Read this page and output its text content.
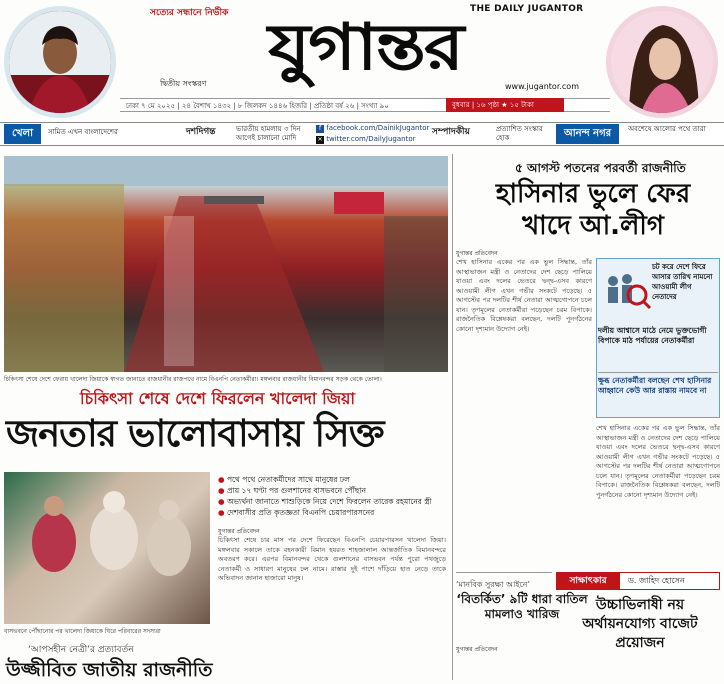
সত্যের সন্ধানে নির্ভীক	THE DAILY JUGANTOR
যুগান্তর
দ্বিতীয় সংস্করণ	www.jugantor.com
ঢাকা ৭ মে ২০২৫ | ২৪ বৈশাখ ১৪৩২ | ৮ জিলকদ ১৪৪৬ হিজরি | প্রতিষ্ঠা বর্ষ ২৬ | সংখ্যা ৯০	বুধবার | ১৬ পৃষ্ঠা ★ ১৫ টাকা
খেলা	সামিত এখন বাংলাদেশের	দশদিগন্ত	ভারতীয় হামলায় ৩ দিন আগেই চালানো মোদি
f facebook.com/DainikJugantor
✕ twitter.com/DailyJugantor
সম্পাদকীয়	প্রত্যাশিত সংস্কার হোক	আনন্দ নগর	অবশেষে আলোর পথে তারা
চিকিৎসা শেষে দেশে ফেরায় খালেদা জিয়াকে স্বাগত জানাতে রাজধানীর রাজপথে নামে বিএনপি নেতাকর্মীরা। মঙ্গলবার রাজধানীর বিমানবন্দর সড়ক থেকে তোলা।
চিকিৎসা শেষে দেশে ফিরলেন খালেদা জিয়া
জনতার ভালোবাসায় সিক্ত
৫ আগস্ট পতনের পরবর্তী রাজনীতি
হাসিনার ভুলে ফের খাদে আ.লীগ
যুগান্তর প্রতিবেদন
শেখ হাসিনার একের পর এক ভুল সিদ্ধান্ত, তাঁর আস্থাভাজন মন্ত্রী ও নেতাদের দেশ ছেড়ে পালিয়ে যাওয়া এবং দলের ভেতরে দ্বন্দ্ব-এসব কারণে আওয়ামী লীগ এখন গভীর সংকটে পড়েছে। ৫ আগস্টের পর দলটির শীর্ষ নেতারা আত্মগোপনে চলে যান। তৃণমূলের নেতাকর্মীরা পড়েছেন চরম বিপাকে। রাজনৈতিক বিশ্লেষকরা বলছেন, দলটি পুনর্গঠনের কোনো দৃশ্যমান উদ্যোগ নেই।
চট করে দেশে ফিরে আসার তারিখ নামনো আওয়ামী লীগ নেতাদের
দলীয় আশ্বাসে মাঠে নেমে ভুক্তভোগী বিপাকে মাঠ পর্যায়ের নেতাকর্মীরা
ক্ষুব্ধ নেতাকর্মীরা বলছেন শেখ হাসিনার আহ্বানে কেউ আর রাস্তায় নামবে না
শেখ হাসিনার একের পর এক ভুল সিদ্ধান্ত, তাঁর আস্থাভাজন মন্ত্রী ও নেতাদের দেশ ছেড়ে পালিয়ে যাওয়া এবং দলের ভেতরে দ্বন্দ্ব-এসব কারণে আওয়ামী লীগ এখন গভীর সংকটে পড়েছে। ৫ আগস্টের পর দলটির শীর্ষ নেতারা আত্মগোপনে চলে যান। তৃণমূলের নেতাকর্মীরা পড়েছেন চরম বিপাকে। রাজনৈতিক বিশ্লেষকরা বলছেন, দলটি পুনর্গঠনের কোনো দৃশ্যমান উদ্যোগ নেই।
বাসভবনে পৌঁছানোর পর খালেদা জিয়াকে ঘিরে পরিবারের সদস্যরা
‘আপসহীন নেত্রী’র প্রত্যাবর্তন
উজ্জীবিত জাতীয় রাজনীতি
● পথে পথে নেতাকর্মীদের সাথে মানুষের ঢল
● প্রায় ১৭ ঘণ্টা পর গুলশানের বাসভবনে পৌঁছান
● অভ্যর্থনা জানাতে শাশুড়িকে নিয়ে দেশে ফিরলেন তারেক রহমানের স্ত্রী
● দেশবাসীর প্রতি কৃতজ্ঞতা বিএনপি চেয়ারপারসনের
যুগান্তর প্রতিবেদন
চিকিৎসা শেষে চার মাস পর দেশে ফিরেছেন বিএনপি চেয়ারপারসন খালেদা জিয়া। মঙ্গলবার সকালে তাকে বহনকারী বিমান হযরত শাহজালাল আন্তর্জাতিক বিমানবন্দরে অবতরণ করে। এরপর বিমানবন্দর থেকে গুলশানের বাসভবন পর্যন্ত পুরো পথজুড়ে নেতাকর্মী ও সাধারণ মানুষের ঢল নামে। রাস্তার দুই পাশে দাঁড়িয়ে হাত নেড়ে তাকে অভিবাদন জানান হাজারো মানুষ।
‘মানবিক সুরক্ষা আইনে’
‘বিতর্কিত’ ৯টি ধারা বাতিল মামলাও খারিজ
যুগান্তর প্রতিবেদন
সাক্ষাৎকার	ড. জাহিদ হোসেন
উচ্চাভিলাষী নয় অর্থায়নযোগ্য বাজেট প্রয়োজন
